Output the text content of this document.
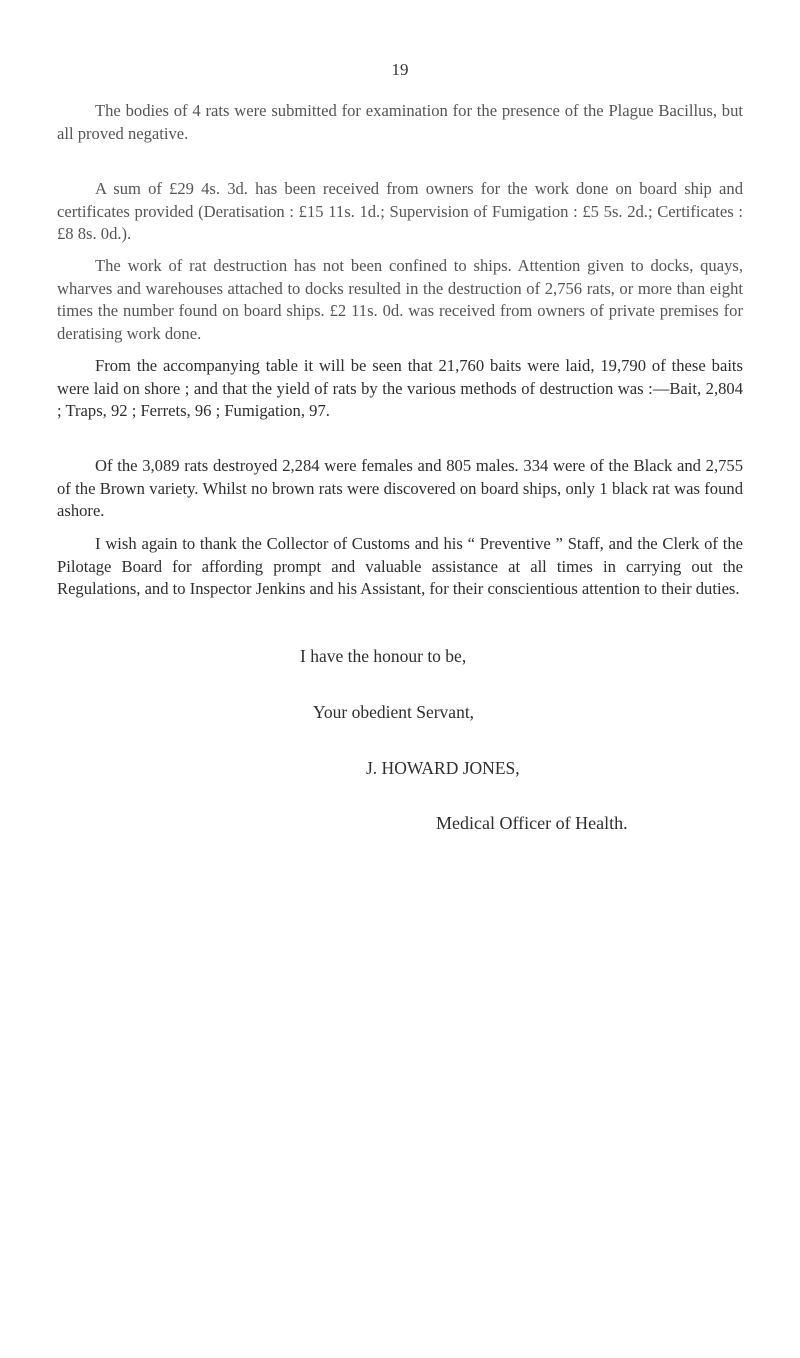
19

The bodies of 4 rats were submitted for examination for the presence of the Plague Bacillus, but all proved negative.

A sum of £29 4s. 3d. has been received from owners for the work done on board ship and certificates provided (Deratisation : £15 11s. 1d.; Supervision of Fumigation : £5 5s. 2d.; Certificates : £8 8s. 0d.).

The work of rat destruction has not been confined to ships. Attention given to docks, quays, wharves and warehouses attached to docks resulted in the destruction of 2,756 rats, or more than eight times the number found on board ships. £2 11s. 0d. was received from owners of private premises for deratising work done.

From the accompanying table it will be seen that 21,760 baits were laid, 19,790 of these baits were laid on shore ; and that the yield of rats by the various methods of destruction was :—Bait, 2,804 ; Traps, 92 ; Ferrets, 96 ; Fumigation, 97.

Of the 3,089 rats destroyed 2,284 were females and 805 males. 334 were of the Black and 2,755 of the Brown variety. Whilst no brown rats were discovered on board ships, only 1 black rat was found ashore.

I wish again to thank the Collector of Customs and his “ Preventive ” Staff, and the Clerk of the Pilotage Board for affording prompt and valuable assistance at all times in carrying out the Regulations, and to Inspector Jenkins and his Assistant, for their conscientious attention to their duties.

I have the honour to be,
Your obedient Servant,
J. HOWARD JONES,
Medical Officer of Health.
